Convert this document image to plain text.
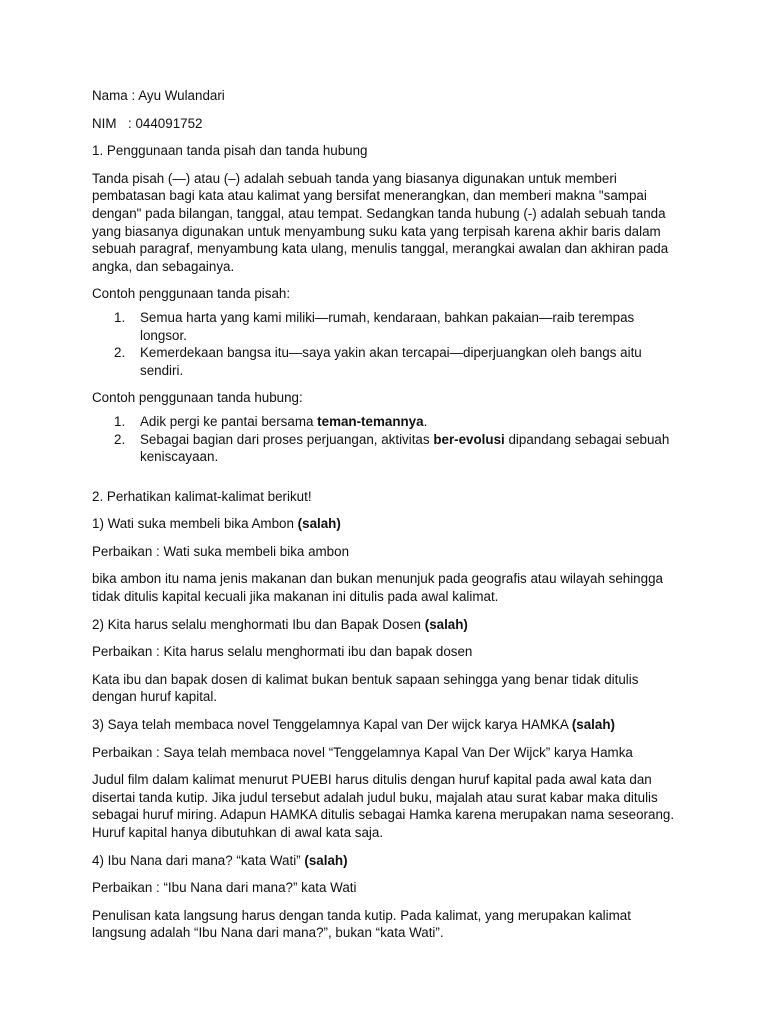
Nama : Ayu Wulandari

NIM : 044091752

1. Penggunaan tanda pisah dan tanda hubung

Tanda pisah (—) atau (–) adalah sebuah tanda yang biasanya digunakan untuk memberi pembatasan bagi kata atau kalimat yang bersifat menerangkan, dan memberi makna "sampai dengan" pada bilangan, tanggal, atau tempat. Sedangkan tanda hubung (-) adalah sebuah tanda yang biasanya digunakan untuk menyambung suku kata yang terpisah karena akhir baris dalam sebuah paragraf, menyambung kata ulang, menulis tanggal, merangkai awalan dan akhiran pada angka, dan sebagainya.

Contoh penggunaan tanda pisah:

1. Semua harta yang kami miliki—rumah, kendaraan, bahkan pakaian—raib terempas longsor.
2. Kemerdekaan bangsa itu—saya yakin akan tercapai—diperjuangkan oleh bangs aitu sendiri.

Contoh penggunaan tanda hubung:

1. Adik pergi ke pantai bersama teman-temannya.
2. Sebagai bagian dari proses perjuangan, aktivitas ber-evolusi dipandang sebagai sebuah keniscayaan.

2. Perhatikan kalimat-kalimat berikut!

1) Wati suka membeli bika Ambon (salah)

Perbaikan : Wati suka membeli bika ambon

bika ambon itu nama jenis makanan dan bukan menunjuk pada geografis atau wilayah sehingga tidak ditulis kapital kecuali jika makanan ini ditulis pada awal kalimat.

2) Kita harus selalu menghormati Ibu dan Bapak Dosen (salah)

Perbaikan : Kita harus selalu menghormati ibu dan bapak dosen

Kata ibu dan bapak dosen di kalimat bukan bentuk sapaan sehingga yang benar tidak ditulis dengan huruf kapital.

3) Saya telah membaca novel Tenggelamnya Kapal van Der wijck karya HAMKA (salah)

Perbaikan : Saya telah membaca novel “Tenggelamnya Kapal Van Der Wijck” karya Hamka

Judul film dalam kalimat menurut PUEBI harus ditulis dengan huruf kapital pada awal kata dan disertai tanda kutip. Jika judul tersebut adalah judul buku, majalah atau surat kabar maka ditulis sebagai huruf miring. Adapun HAMKA ditulis sebagai Hamka karena merupakan nama seseorang. Huruf kapital hanya dibutuhkan di awal kata saja.

4) Ibu Nana dari mana? “kata Wati” (salah)

Perbaikan : “Ibu Nana dari mana?” kata Wati

Penulisan kata langsung harus dengan tanda kutip. Pada kalimat, yang merupakan kalimat langsung adalah “Ibu Nana dari mana?”, bukan “kata Wati”.
